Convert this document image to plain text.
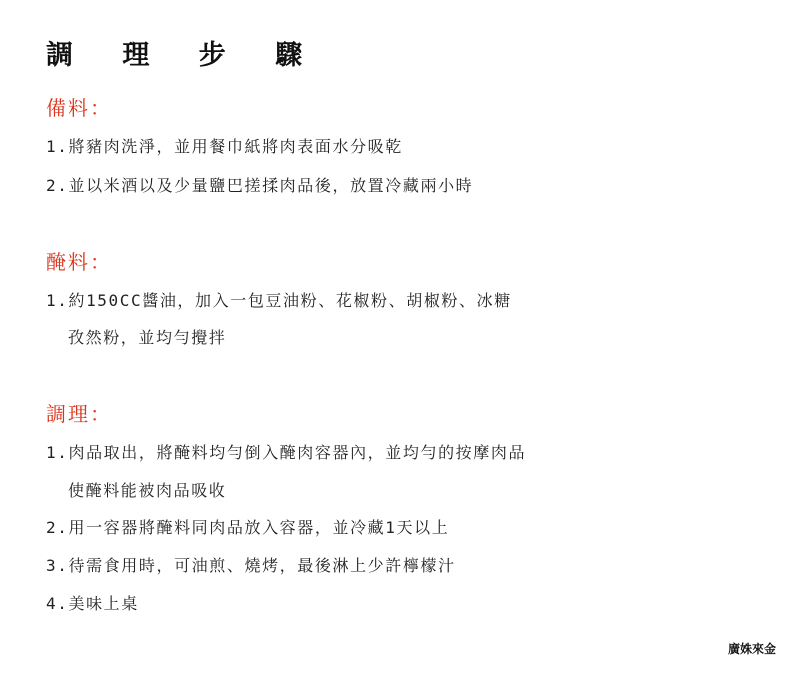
調 理 步 驟
備料：
1.將豬肉洗淨，並用餐巾紙將肉表面水分吸乾
2.並以米酒以及少量鹽巴搓揉肉品後，放置冷藏兩小時
醃料：
1.約150CC醬油，加入一包豆油粉、花椒粉、胡椒粉、冰糖
孜然粉，並均勻攪拌
調理：
1.肉品取出，將醃料均勻倒入醃肉容器內，並均勻的按摩肉品
使醃料能被肉品吸收
2.用一容器將醃料同肉品放入容器，並冷藏1天以上
3.待需食用時，可油煎、燒烤，最後淋上少許檸檬汁
4.美味上桌
廣姝來金
